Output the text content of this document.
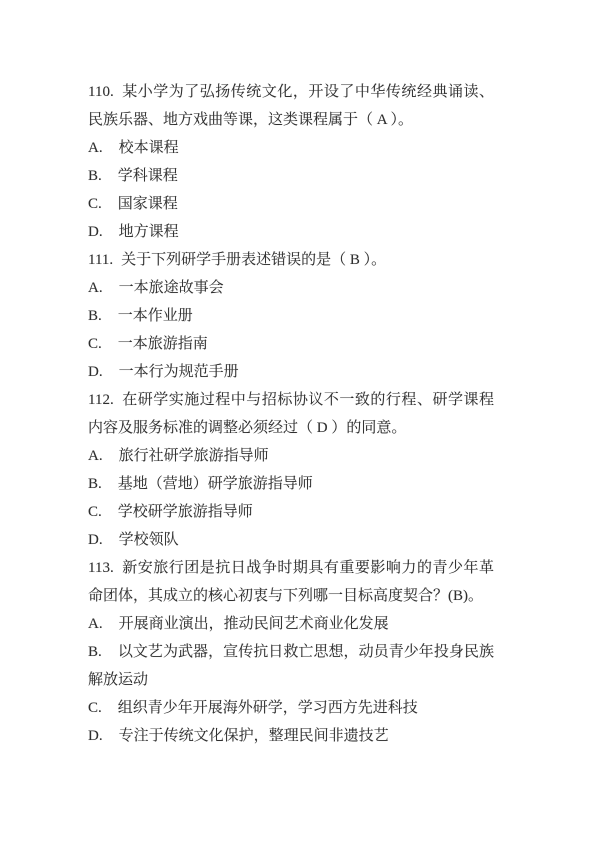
110. 某小学为了弘扬传统文化，开设了中华传统经典诵读、民族乐器、地方戏曲等课，这类课程属于（ A ）。

A. 校本课程

B. 学科课程

C. 国家课程

D. 地方课程

111. 关于下列研学手册表述错误的是（ B ）。

A. 一本旅途故事会

B. 一本作业册

C. 一本旅游指南

D. 一本行为规范手册

112. 在研学实施过程中与招标协议不一致的行程、研学课程内容及服务标准的调整必须经过（ D ）的同意。

A. 旅行社研学旅游指导师

B. 基地（营地）研学旅游指导师

C. 学校研学旅游指导师

D. 学校领队

113. 新安旅行团是抗日战争时期具有重要影响力的青少年革命团体，其成立的核心初衷与下列哪一目标高度契合？(B)。

A. 开展商业演出，推动民间艺术商业化发展

B. 以文艺为武器，宣传抗日救亡思想，动员青少年投身民族解放运动

C. 组织青少年开展海外研学，学习西方先进科技

D. 专注于传统文化保护，整理民间非遗技艺
